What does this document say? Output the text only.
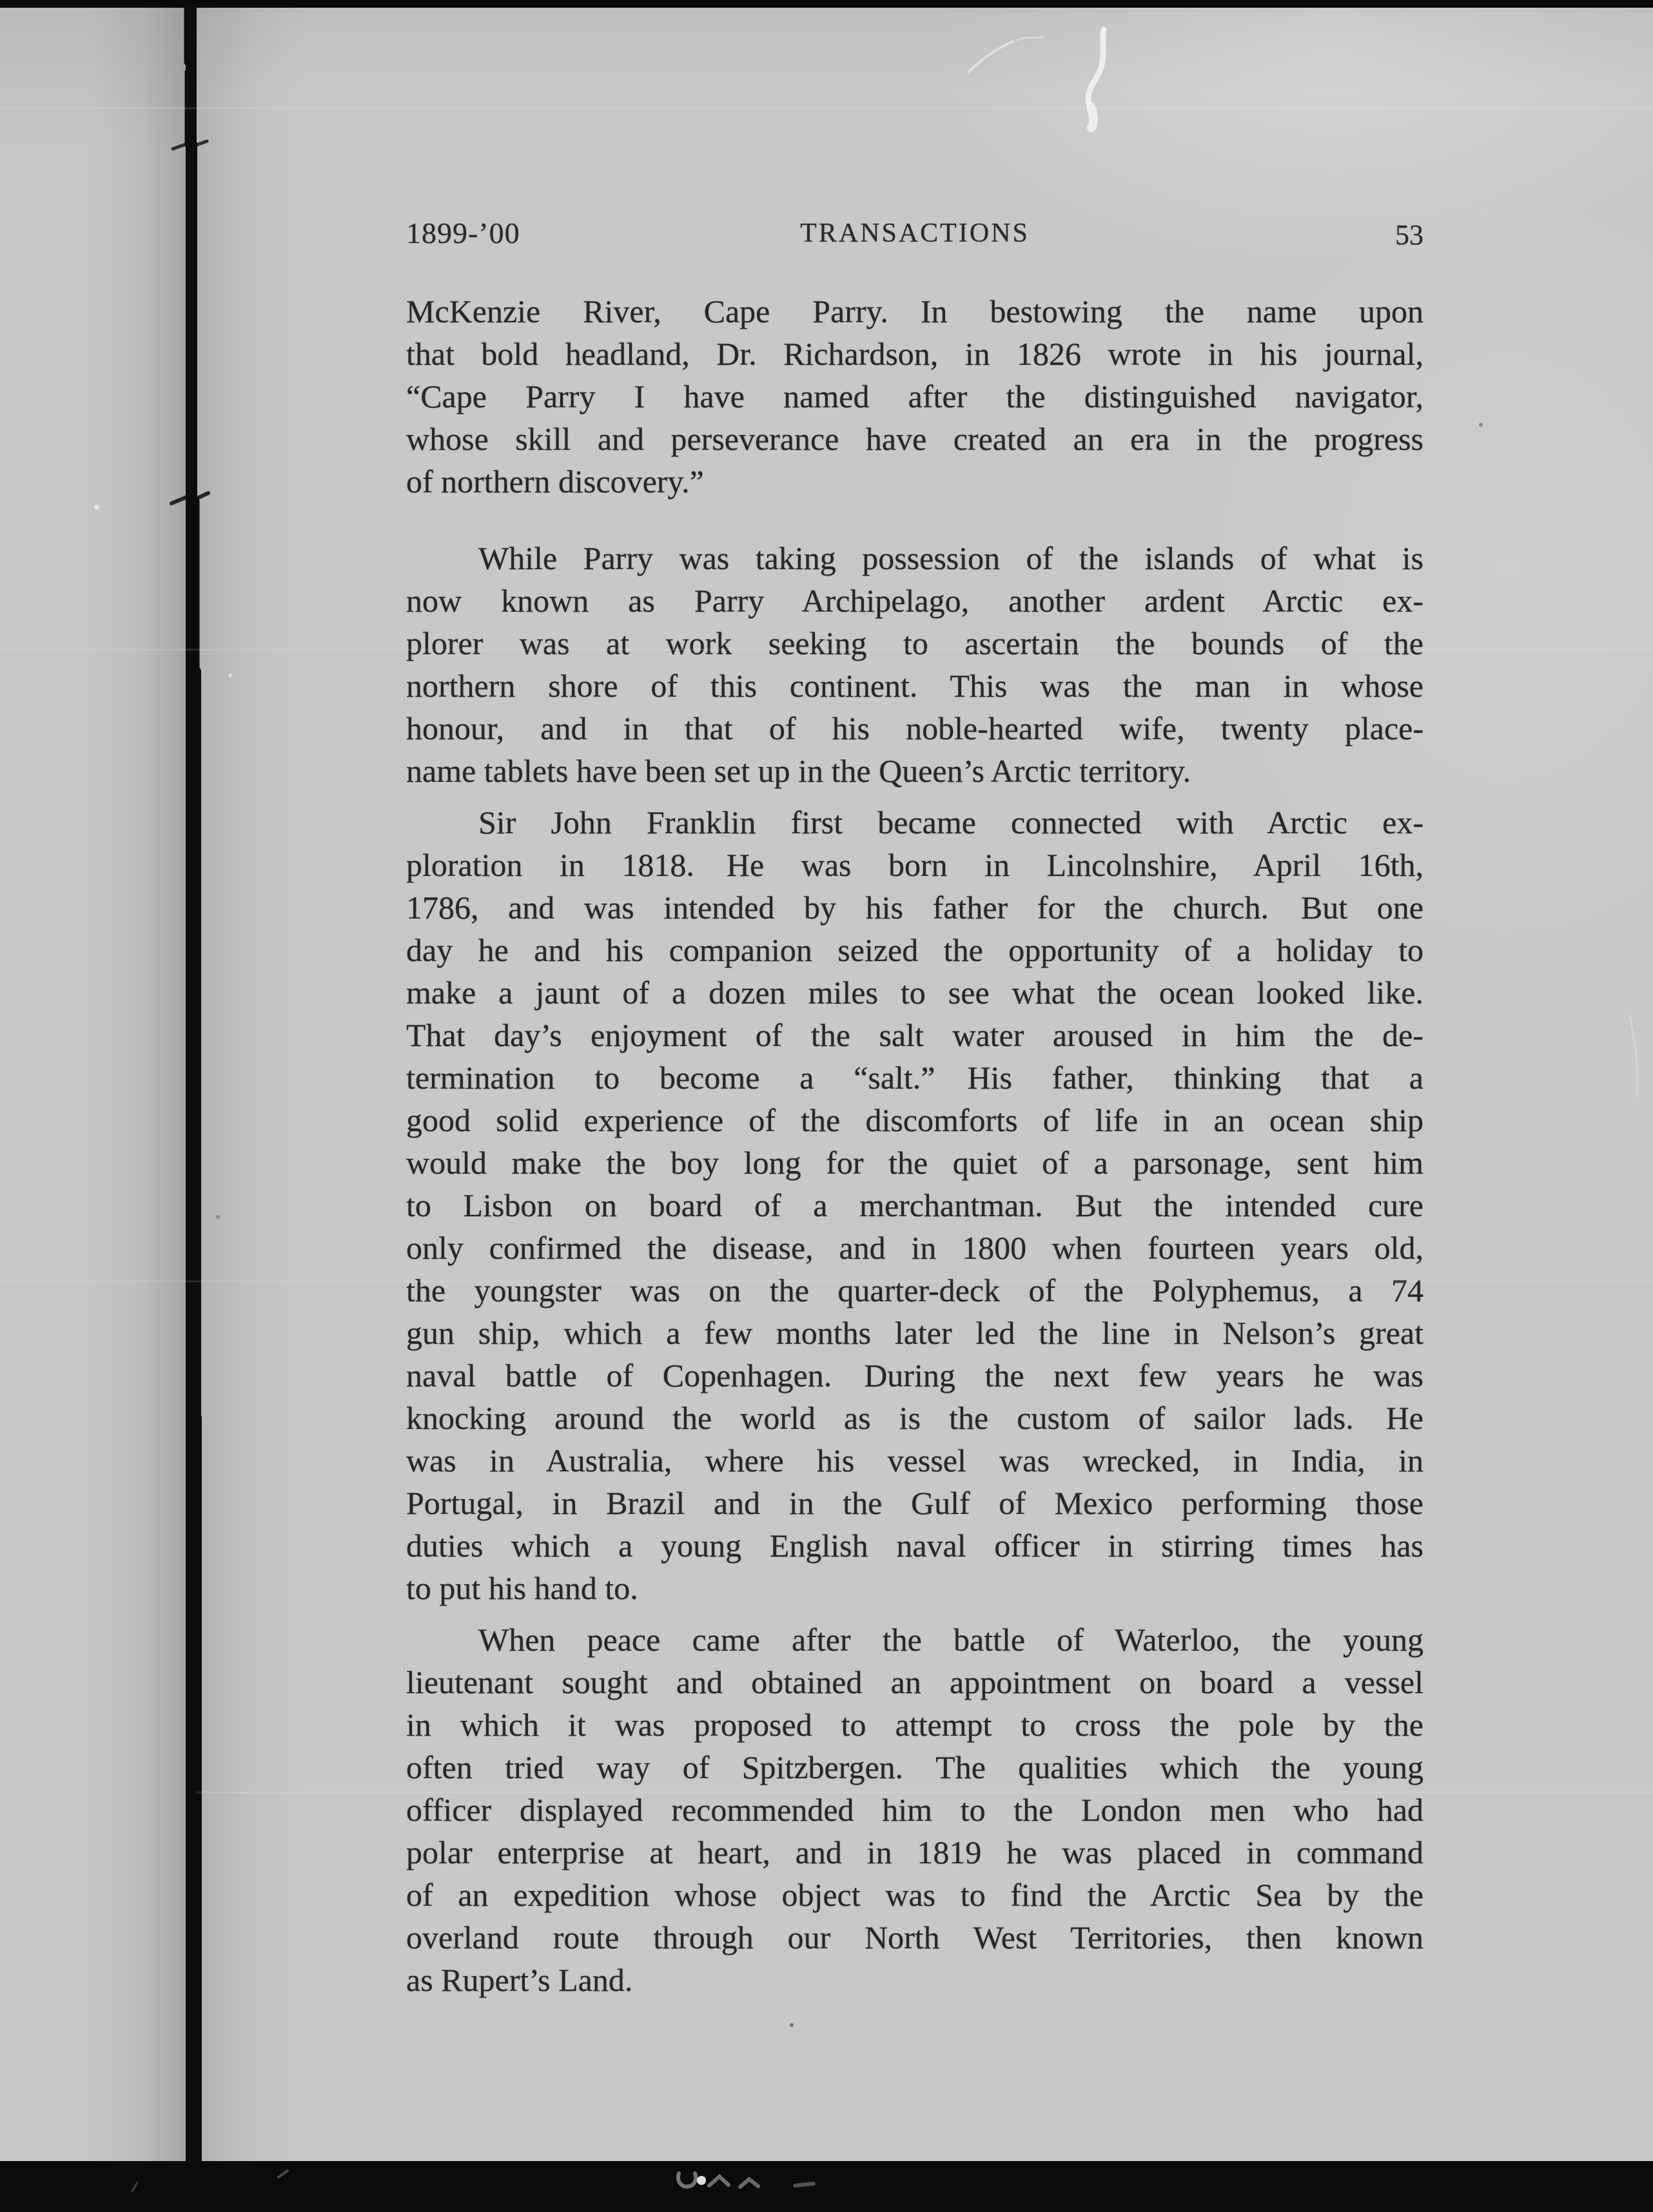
1899-’00	TRANSACTIONS	53
McKenzie River, Cape Parry. In bestowing the name upon
that bold headland, Dr. Richardson, in 1826 wrote in his journal,
“Cape Parry I have named after the distinguished navigator,
whose skill and perseverance have created an era in the progress
of northern discovery.”
While Parry was taking possession of the islands of what is
now known as Parry Archipelago, another ardent Arctic ex-
plorer was at work seeking to ascertain the bounds of the
northern shore of this continent. This was the man in whose
honour, and in that of his noble-hearted wife, twenty place-
name tablets have been set up in the Queen’s Arctic territory.
Sir John Franklin first became connected with Arctic ex-
ploration in 1818. He was born in Lincolnshire, April 16th,
1786, and was intended by his father for the church. But one
day he and his companion seized the opportunity of a holiday to
make a jaunt of a dozen miles to see what the ocean looked like.
That day’s enjoyment of the salt water aroused in him the de-
termination to become a “salt.” His father, thinking that a
good solid experience of the discomforts of life in an ocean ship
would make the boy long for the quiet of a parsonage, sent him
to Lisbon on board of a merchantman. But the intended cure
only confirmed the disease, and in 1800 when fourteen years old,
the youngster was on the quarter-deck of the Polyphemus, a 74
gun ship, which a few months later led the line in Nelson’s great
naval battle of Copenhagen. During the next few years he was
knocking around the world as is the custom of sailor lads. He
was in Australia, where his vessel was wrecked, in India, in
Portugal, in Brazil and in the Gulf of Mexico performing those
duties which a young English naval officer in stirring times has
to put his hand to.
When peace came after the battle of Waterloo, the young
lieutenant sought and obtained an appointment on board a vessel
in which it was proposed to attempt to cross the pole by the
often tried way of Spitzbergen. The qualities which the young
officer displayed recommended him to the London men who had
polar enterprise at heart, and in 1819 he was placed in command
of an expedition whose object was to find the Arctic Sea by the
overland route through our North West Territories, then known
as Rupert’s Land.
